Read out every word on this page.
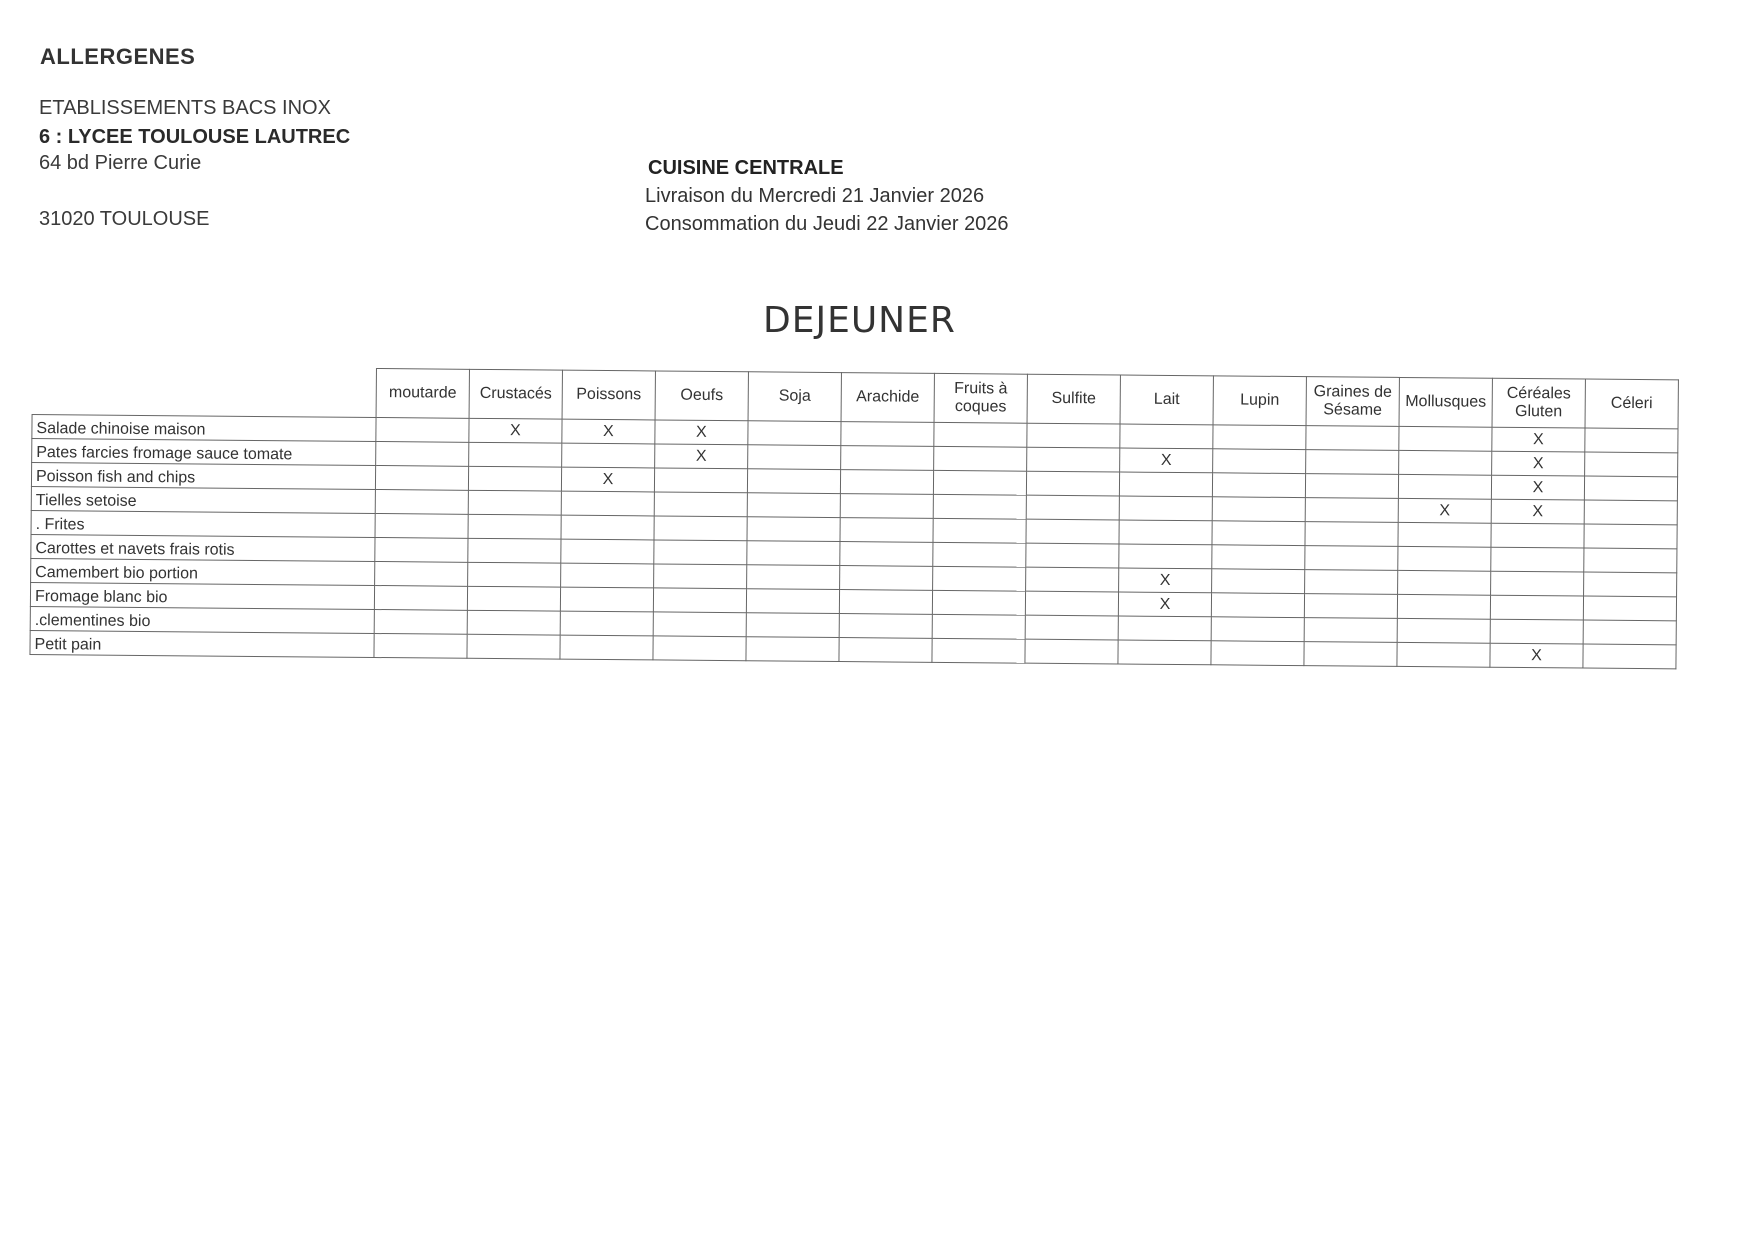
ALLERGENES
ETABLISSEMENTS BACS INOX
6 : LYCEE TOULOUSE LAUTREC
64 bd Pierre Curie
31020 TOULOUSE
CUISINE CENTRALE
Livraison du Mercredi 21 Janvier 2026
Consommation du Jeudi 22 Janvier 2026
DEJEUNER
	moutarde	Crustacés	Poissons	Oeufs	Soja	Arachide	Fruits à coques	Sulfite	Lait	Lupin	Graines de Sésame	Mollusques	Céréales Gluten	Céleri
Salade chinoise maison		X	X	X									X	
Pates farcies fromage sauce tomate				X					X				X	
Poisson fish and chips			X										X	
Tielles setoise												X	X	
. Frites														
Carottes et navets frais rotis														
Camembert bio portion									X					
Fromage blanc bio									X					
.clementines bio														
Petit pain													X	
